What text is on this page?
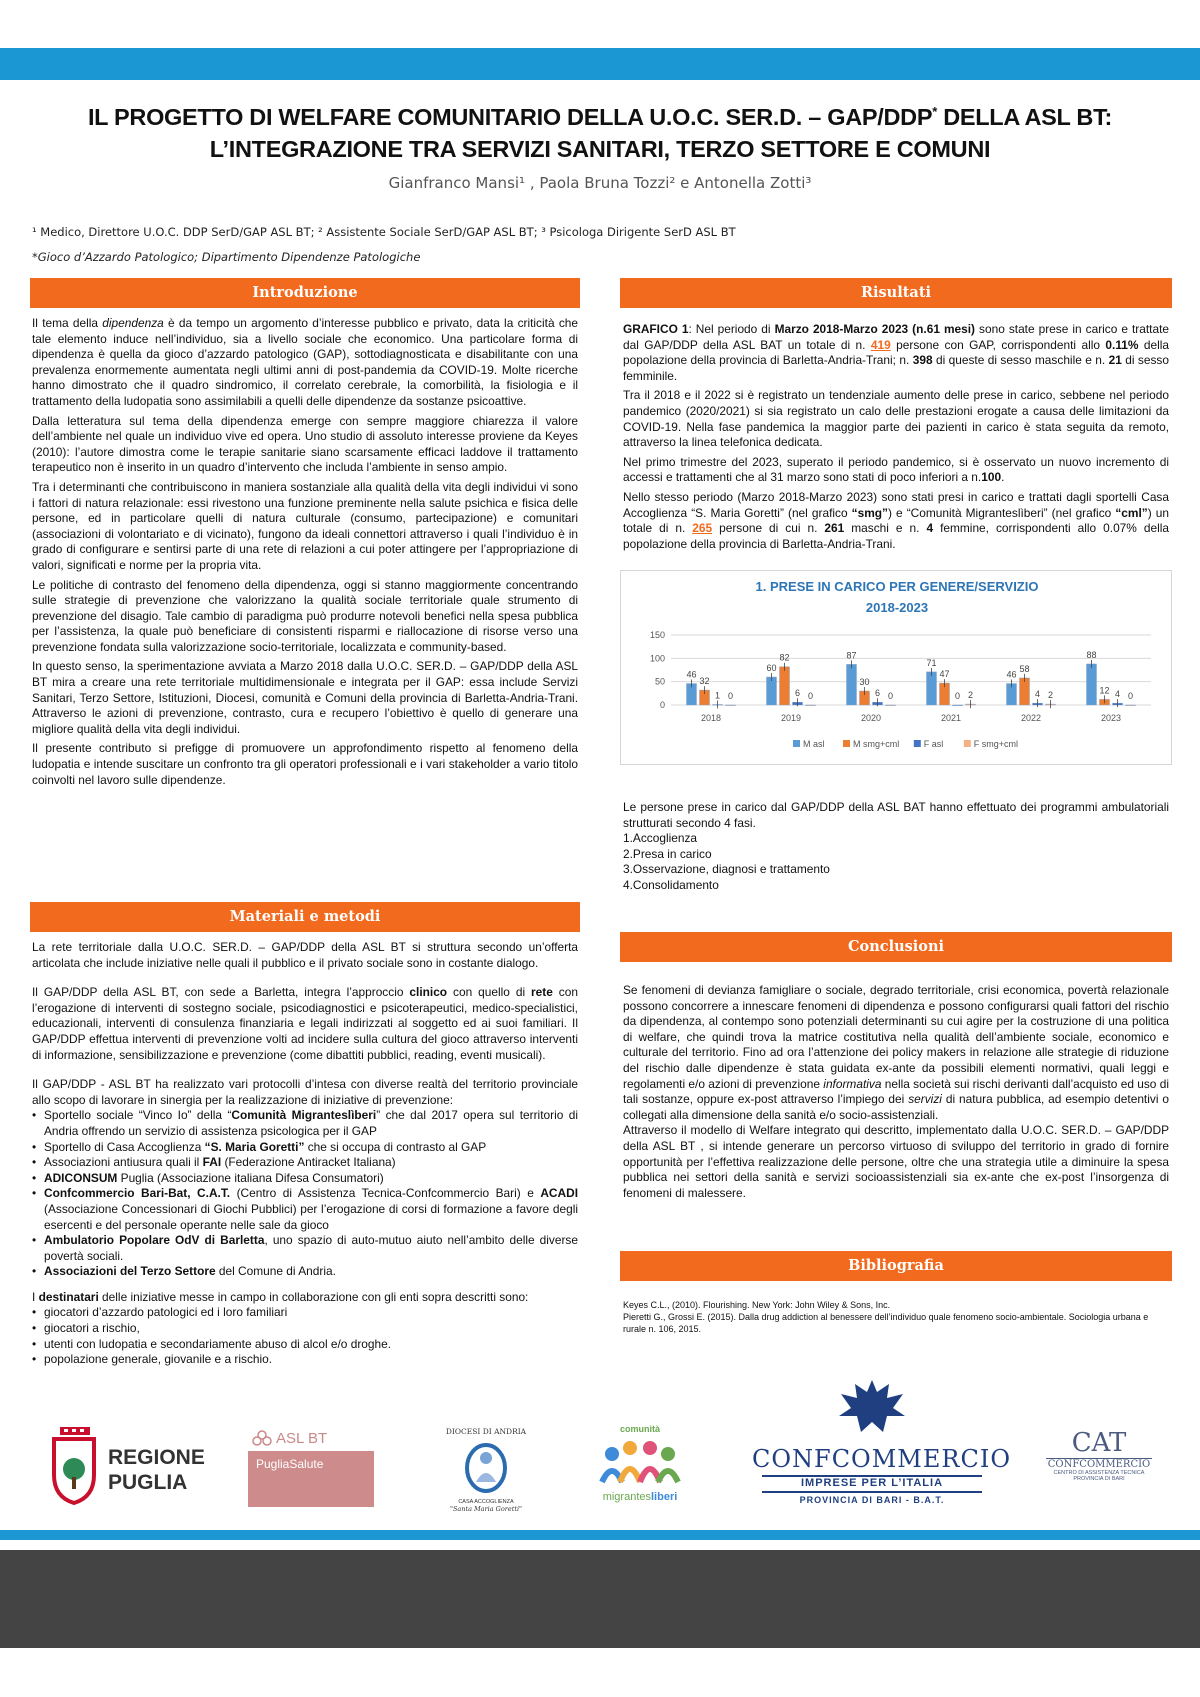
IL PROGETTO DI WELFARE COMUNITARIO DELLA U.O.C. SER.D. – GAP/DDP* DELLA ASL BT:
L’INTEGRAZIONE TRA SERVIZI SANITARI, TERZO SETTORE E COMUNI
Gianfranco Mansi¹ , Paola Bruna Tozzi² e Antonella Zotti³
¹ Medico, Direttore U.O.C. DDP SerD/GAP ASL BT; ² Assistente Sociale SerD/GAP ASL BT; ³ Psicologa Dirigente SerD ASL BT
*Gioco d’Azzardo Patologico; Dipartimento Dipendenze Patologiche
Introduzione

Il tema della dipendenza è da tempo un argomento d’interesse pubblico e privato, data la criticità che tale elemento induce nell’individuo, sia a livello sociale che economico. Una particolare forma di dipendenza è quella da gioco d’azzardo patologico (GAP), sottodiagnosticata e disabilitante con una prevalenza enormemente aumentata negli ultimi anni di post-pandemia da COVID-19. Molte ricerche hanno dimostrato che il quadro sindromico, il correlato cerebrale, la comorbilità, la fisiologia e il trattamento della ludopatia sono assimilabili a quelli delle dipendenze da sostanze psicoattive.

Dalla letteratura sul tema della dipendenza emerge con sempre maggiore chiarezza il valore dell’ambiente nel quale un individuo vive ed opera. Uno studio di assoluto interesse proviene da Keyes (2010): l’autore dimostra come le terapie sanitarie siano scarsamente efficaci laddove il trattamento terapeutico non è inserito in un quadro d’intervento che includa l’ambiente in senso ampio.

Tra i determinanti che contribuiscono in maniera sostanziale alla qualità della vita degli individui vi sono i fattori di natura relazionale: essi rivestono una funzione preminente nella salute psichica e fisica delle persone, ed in particolare quelli di natura culturale (consumo, partecipazione) e comunitari (associazioni di volontariato e di vicinato), fungono da ideali connettori attraverso i quali l’individuo è in grado di configurare e sentirsi parte di una rete di relazioni a cui poter attingere per l’appropriazione di valori, significati e norme per la propria vita.

Le politiche di contrasto del fenomeno della dipendenza, oggi si stanno maggiormente concentrando sulle strategie di prevenzione che valorizzano la qualità sociale territoriale quale strumento di prevenzione del disagio. Tale cambio di paradigma può produrre notevoli benefici nella spesa pubblica per l’assistenza, la quale può beneficiare di consistenti risparmi e riallocazione di risorse verso una prevenzione fondata sulla valorizzazione socio-territoriale, localizzata e community-based.

In questo senso, la sperimentazione avviata a Marzo 2018 dalla U.O.C. SER.D. – GAP/DDP della ASL BT mira a creare una rete territoriale multidimensionale e integrata per il GAP: essa include Servizi Sanitari, Terzo Settore, Istituzioni, Diocesi, comunità e Comuni della provincia di Barletta-Andria-Trani. Attraverso le azioni di prevenzione, contrasto, cura e recupero l’obiettivo è quello di generare una migliore qualità della vita degli individui.

Il presente contributo si prefigge di promuovere un approfondimento rispetto al fenomeno della ludopatia e intende suscitare un confronto tra gli operatori professionali e i vari stakeholder a vario titolo coinvolti nel lavoro sulle dipendenze.

Materiali e metodi

La rete territoriale dalla U.O.C. SER.D. – GAP/DDP della ASL BT si struttura secondo un’offerta articolata che include iniziative nelle quali il pubblico e il privato sociale sono in costante dialogo.

Il GAP/DDP della ASL BT, con sede a Barletta, integra l’approccio clinico con quello di rete con l’erogazione di interventi di sostegno sociale, psicodiagnostici e psicoterapeutici, medico-specialistici, educazionali, interventi di consulenza finanziaria e legali indirizzati al soggetto ed ai suoi familiari. Il GAP/DDP effettua interventi di prevenzione volti ad incidere sulla cultura del gioco attraverso interventi di informazione, sensibilizzazione e prevenzione (come dibattiti pubblici, reading, eventi musicali).

Il GAP/DDP - ASL BT ha realizzato vari protocolli d’intesa con diverse realtà del territorio provinciale allo scopo di lavorare in sinergia per la realizzazione di iniziative di prevenzione:

• Sportello sociale “Vinco Io” della “Comunità Migranteslìberi” che dal 2017 opera sul territorio di Andria offrendo un servizio di assistenza psicologica per il GAP
• Sportello di Casa Accoglienza “S. Maria Goretti” che si occupa di contrasto al GAP
• Associazioni antiusura quali il FAI (Federazione Antiracket Italiana)
• ADICONSUM Puglia (Associazione italiana Difesa Consumatori)
• Confcommercio Bari-Bat, C.A.T. (Centro di Assistenza Tecnica-Confcommercio Bari) e ACADI (Associazione Concessionari di Giochi Pubblici) per l’erogazione di corsi di formazione a favore degli esercenti e del personale operante nelle sale da gioco
• Ambulatorio Popolare OdV di Barletta, uno spazio di auto-mutuo aiuto nell’ambito delle diverse povertà sociali.
• Associazioni del Terzo Settore del Comune di Andria.

I destinatari delle iniziative messe in campo in collaborazione con gli enti sopra descritti sono:

• giocatori d’azzardo patologici ed i loro familiari
• giocatori a rischio,
• utenti con ludopatia e secondariamente abuso di alcol e/o droghe.
• popolazione generale, giovanile e a rischio.
Risultati

GRAFICO 1: Nel periodo di Marzo 2018-Marzo 2023 (n.61 mesi) sono state prese in carico e trattate dal GAP/DDP della ASL BAT un totale di n. 419 persone con GAP, corrispondenti allo 0.11% della popolazione della provincia di Barletta-Andria-Trani; n. 398 di queste di sesso maschile e n. 21 di sesso femminile.

Tra il 2018 e il 2022 si è registrato un tendenziale aumento delle prese in carico, sebbene nel periodo pandemico (2020/2021) si sia registrato un calo delle prestazioni erogate a causa delle limitazioni da COVID-19. Nella fase pandemica la maggior parte dei pazienti in carico è stata seguita da remoto, attraverso la linea telefonica dedicata.

Nel primo trimestre del 2023, superato il periodo pandemico, si è osservato un nuovo incremento di accessi e trattamenti che al 31 marzo sono stati di poco inferiori a n.100.

Nello stesso periodo (Marzo 2018-Marzo 2023) sono stati presi in carico e trattati dagli sportelli Casa Accoglienza “S. Maria Goretti” (nel grafico “smg”) e “Comunità Migranteslìberi” (nel grafico “cml”) un totale di n. 265 persone di cui n. 261 maschi e n. 4 femmine, corrispondenti allo 0.07% della popolazione della provincia di Barletta-Andria-Trani.

1. PRESE IN CARICO PER GENERE/SERVIZIO
2018-2023
0
50
100
150
46
32
1 0
2018
60
82
6 0
2019
87
30
6 0
2020
71
47
0 2
2021
46
58
4 2
2022
88
12 4 0
2023
M asl	M smg+cml	F asl	F smg+cml

Le persone prese in carico dal GAP/DDP della ASL BAT hanno effettuato dei programmi ambulatoriali strutturati secondo 4 fasi.

1.Accoglienza
2.Presa in carico
3.Osservazione, diagnosi e trattamento
4.Consolidamento
Conclusioni

Se fenomeni di devianza famigliare o sociale, degrado territoriale, crisi economica, povertà relazionale possono concorrere a innescare fenomeni di dipendenza e possono configurarsi quali fattori del rischio da dipendenza, al contempo sono potenziali determinanti su cui agire per la costruzione di una politica di welfare, che quindi trova la matrice costitutiva nella qualità dell’ambiente sociale, economico e culturale del territorio. Fino ad ora l’attenzione dei policy makers in relazione alle strategie di riduzione del rischio dalle dipendenze è stata guidata ex-ante da possibili elementi normativi, quali leggi e regolamenti e/o azioni di prevenzione informativa nella società sui rischi derivanti dall’acquisto ed uso di tali sostanze, oppure ex-post attraverso l’impiego dei servizi di natura pubblica, ad esempio detentivi o collegati alla dimensione della sanità e/o socio-assistenziali.

Attraverso il modello di Welfare integrato qui descritto, implementato dalla U.O.C. SER.D. – GAP/DDP della ASL BT , si intende generare un percorso virtuoso di sviluppo del territorio in grado di fornire opportunità per l’effettiva realizzazione delle persone, oltre che una strategia utile a diminuire la spesa pubblica nei settori della sanità e servizi socioassistenziali sia ex-ante che ex-post l’insorgenza di fenomeni di malessere.

Bibliografia
Keyes C.L., (2010). Flourishing. New York: John Wiley & Sons, Inc.
Pieretti G., Grossi E. (2015). Dalla drug addiction al benessere dell’individuo quale fenomeno socio-ambientale. Sociologia urbana e rurale n. 106, 2015.
REGIONE
PUGLIA
ASL BT
PugliaSalute
DIOCESI DI ANDRIA
CASA ACCOGLIENZA
"Santa Maria Goretti"
comunità
migrantesliberi
CONFCOMMERCIO
IMPRESE PER L’ITALIA
PROVINCIA DI BARI - B.A.T.
CAT
CONFCOMMERCIO
CENTRO DI ASSISTENZA TECNICA
PROVINCIA DI BARI
